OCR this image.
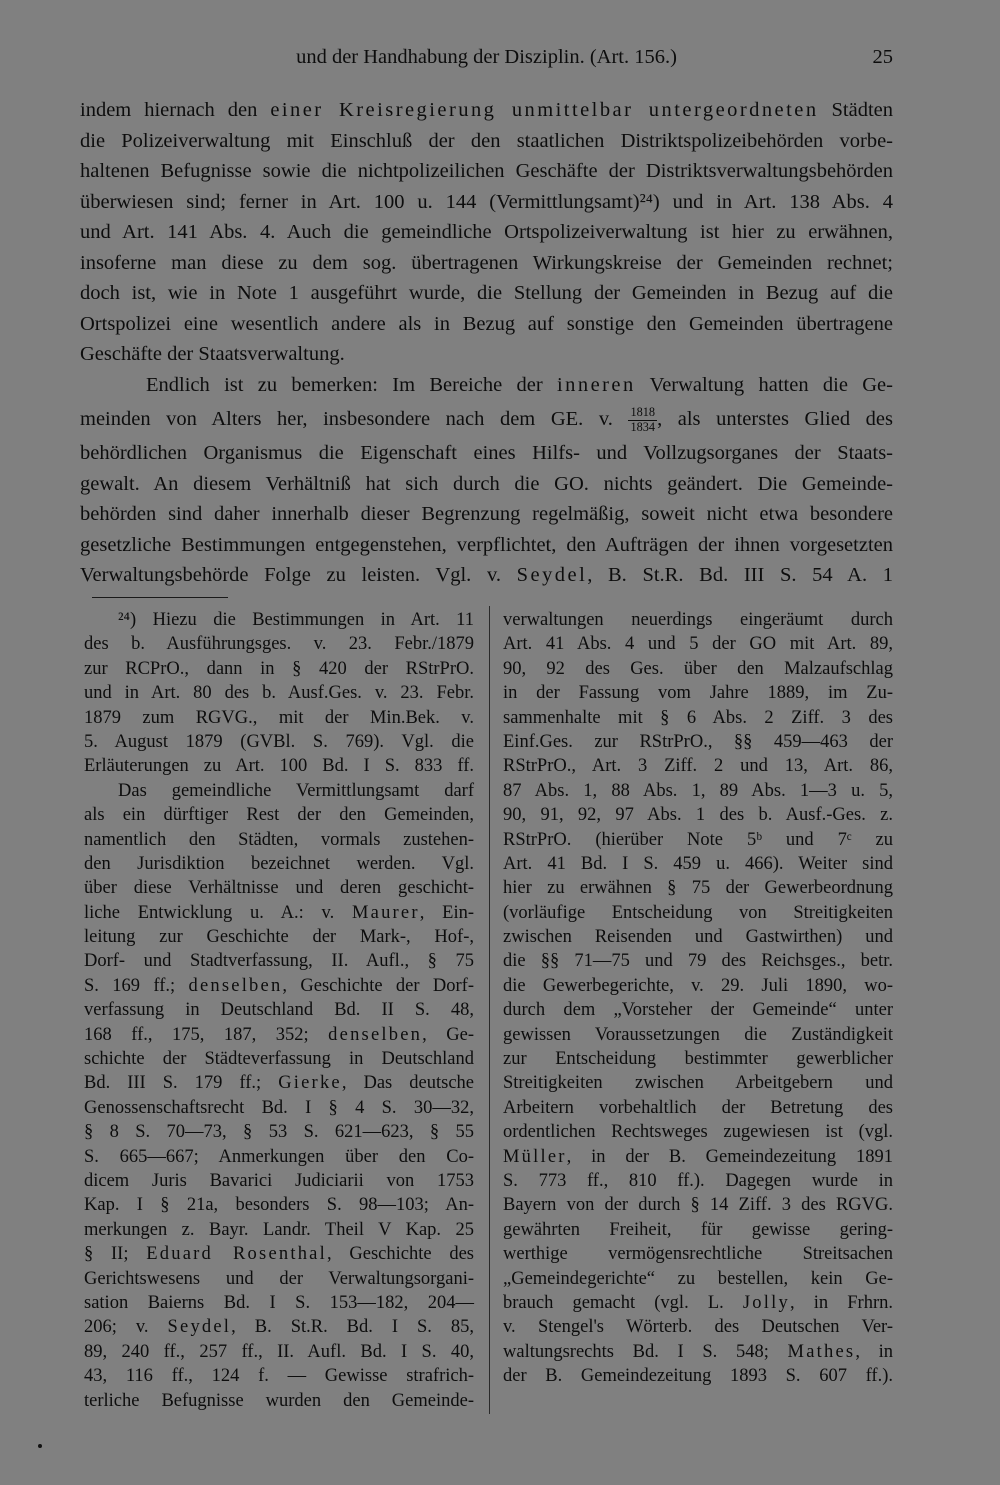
und der Handhabung der Disziplin. (Art. 156.)	25
indem hiernach den einer Kreisregierung unmittelbar untergeordneten Städten
die Polizeiverwaltung mit Einschluß der den staatlichen Distriktspolizeibehörden vorbe-
haltenen Befugnisse sowie die nichtpolizeilichen Geschäfte der Distriktsverwaltungsbehörden
überwiesen sind; ferner in Art. 100 u. 144 (Vermittlungsamt)²⁴) und in Art. 138 Abs. 4
und Art. 141 Abs. 4. Auch die gemeindliche Ortspolizeiverwaltung ist hier zu erwähnen,
insoferne man diese zu dem sog. übertragenen Wirkungskreise der Gemeinden rechnet;
doch ist, wie in Note 1 ausgeführt wurde, die Stellung der Gemeinden in Bezug auf die
Ortspolizei eine wesentlich andere als in Bezug auf sonstige den Gemeinden übertragene
Geschäfte der Staatsverwaltung.
Endlich ist zu bemerken: Im Bereiche der inneren Verwaltung hatten die Ge-
meinden von Alters her, insbesondere nach dem GE. v. $\frac{1818}{1834}$ , als unterstes Glied des
behördlichen Organismus die Eigenschaft eines Hilfs- und Vollzugsorganes der Staats-
gewalt. An diesem Verhältniß hat sich durch die GO. nichts geändert. Die Gemeinde-
behörden sind daher innerhalb dieser Begrenzung regelmäßig, soweit nicht etwa besondere
gesetzliche Bestimmungen entgegenstehen, verpflichtet, den Aufträgen der ihnen vorgesetzten
Verwaltungsbehörde Folge zu leisten. Vgl. v. Seydel, B. St.R. Bd. III S. 54 A. 1
²⁴) Hiezu die Bestimmungen in Art. 11
des b. Ausführungsges. v. 23. Febr./1879
zur RCPrO., dann in § 420 der RStrPrO.
und in Art. 80 des b. Ausf.Ges. v. 23. Febr.
1879 zum RGVG., mit der Min.Bek. v.
5. August 1879 (GVBl. S. 769). Vgl. die
Erläuterungen zu Art. 100 Bd. I S. 833 ff.
Das gemeindliche Vermittlungsamt darf
als ein dürftiger Rest der den Gemeinden,
namentlich den Städten, vormals zustehen-
den Jurisdiktion bezeichnet werden. Vgl.
über diese Verhältnisse und deren geschicht-
liche Entwicklung u. A.: v. Maurer, Ein-
leitung zur Geschichte der Mark-, Hof-,
Dorf- und Stadtverfassung, II. Aufl., § 75
S. 169 ff.; denselben, Geschichte der Dorf-
verfassung in Deutschland Bd. II S. 48,
168 ff., 175, 187, 352; denselben, Ge-
schichte der Städteverfassung in Deutschland
Bd. III S. 179 ff.; Gierke, Das deutsche
Genossenschaftsrecht Bd. I § 4 S. 30—32,
§ 8 S. 70—73, § 53 S. 621—623, § 55
S. 665—667; Anmerkungen über den Co-
dicem Juris Bavarici Judiciarii von 1753
Kap. I § 21a, besonders S. 98—103; An-
merkungen z. Bayr. Landr. Theil V Kap. 25
§ II; Eduard Rosenthal, Geschichte des
Gerichtswesens und der Verwaltungsorgani-
sation Baierns Bd. I S. 153—182, 204—
206; v. Seydel, B. St.R. Bd. I S. 85,
89, 240 ff., 257 ff., II. Aufl. Bd. I S. 40,
43, 116 ff., 124 f. — Gewisse strafrich-
terliche Befugnisse wurden den Gemeinde-
verwaltungen neuerdings eingeräumt durch
Art. 41 Abs. 4 und 5 der GO mit Art. 89,
90, 92 des Ges. über den Malzaufschlag
in der Fassung vom Jahre 1889, im Zu-
sammenhalte mit § 6 Abs. 2 Ziff. 3 des
Einf.Ges. zur RStrPrO., §§ 459—463 der
RStrPrO., Art. 3 Ziff. 2 und 13, Art. 86,
87 Abs. 1, 88 Abs. 1, 89 Abs. 1—3 u. 5,
90, 91, 92, 97 Abs. 1 des b. Ausf.-Ges. z.
RStrPrO. (hierüber Note 5ᵇ und 7ᶜ zu
Art. 41 Bd. I S. 459 u. 466). Weiter sind
hier zu erwähnen § 75 der Gewerbeordnung
(vorläufige Entscheidung von Streitigkeiten
zwischen Reisenden und Gastwirthen) und
die §§ 71—75 und 79 des Reichsges., betr.
die Gewerbegerichte, v. 29. Juli 1890, wo-
durch dem „Vorsteher der Gemeinde“ unter
gewissen Voraussetzungen die Zuständigkeit
zur Entscheidung bestimmter gewerblicher
Streitigkeiten zwischen Arbeitgebern und
Arbeitern vorbehaltlich der Betretung des
ordentlichen Rechtsweges zugewiesen ist (vgl.
Müller, in der B. Gemeindezeitung 1891
S. 773 ff., 810 ff.). Dagegen wurde in
Bayern von der durch § 14 Ziff. 3 des RGVG.
gewährten Freiheit, für gewisse gering-
werthige vermögensrechtliche Streitsachen
„Gemeindegerichte“ zu bestellen, kein Ge-
brauch gemacht (vgl. L. Jolly, in Frhrn.
v. Stengel's Wörterb. des Deutschen Ver-
waltungsrechts Bd. I S. 548; Mathes, in
der B. Gemeindezeitung 1893 S. 607 ff.).
